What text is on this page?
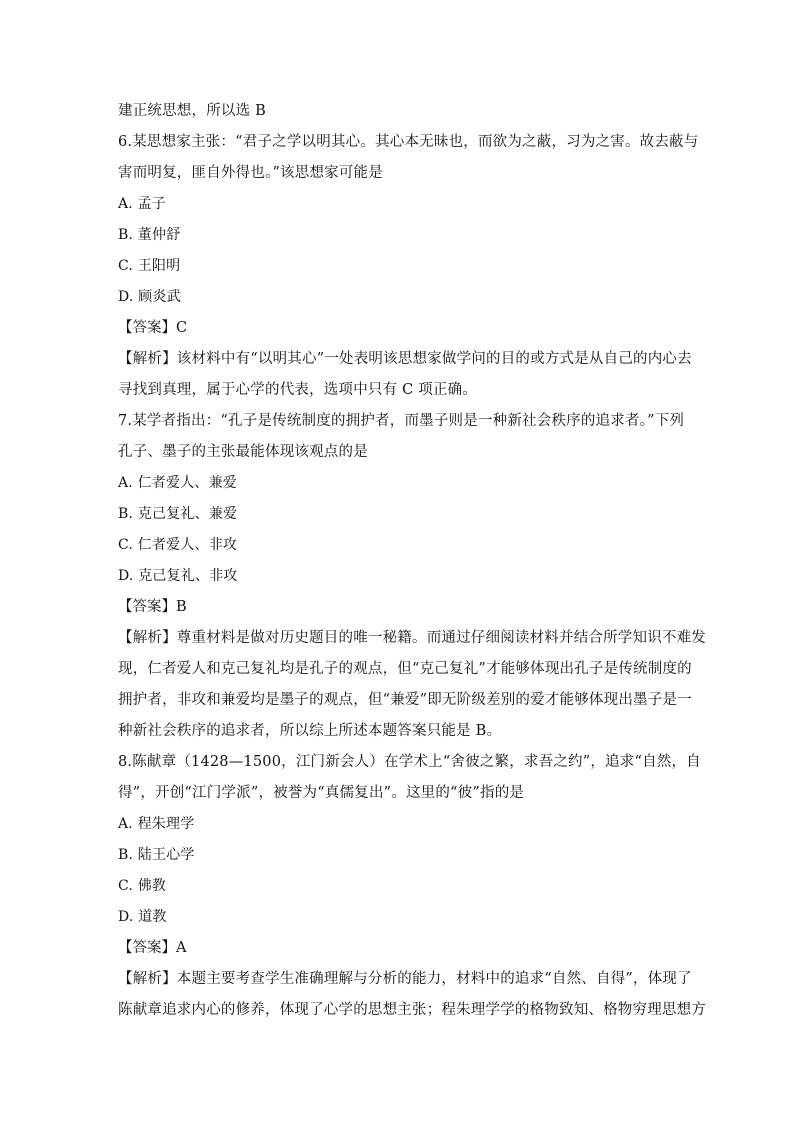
建正统思想，所以选 B
6.某思想家主张：“君子之学以明其心。其心本无昧也，而欲为之蔽，习为之害。故去蔽与
害而明复，匪自外得也。”该思想家可能是
A. 孟子
B. 董仲舒
C. 王阳明
D. 顾炎武
【答案】C
【解析】该材料中有“以明其心”一处表明该思想家做学问的目的或方式是从自己的内心去
寻找到真理，属于心学的代表，选项中只有 C 项正确。
7.某学者指出：“孔子是传统制度的拥护者，而墨子则是一种新社会秩序的追求者。”下列
孔子、墨子的主张最能体现该观点的是
A. 仁者爱人、兼爱
B. 克己复礼、兼爱
C. 仁者爱人、非攻
D. 克己复礼、非攻
【答案】B
【解析】尊重材料是做对历史题目的唯一秘籍。而通过仔细阅读材料并结合所学知识不难发
现，仁者爱人和克己复礼均是孔子的观点，但“克己复礼”才能够体现出孔子是传统制度的
拥护者，非攻和兼爱均是墨子的观点，但“兼爱”即无阶级差别的爱才能够体现出墨子是一
种新社会秩序的追求者，所以综上所述本题答案只能是 B。
8.陈献章（1428—1500，江门新会人）在学术上“舍彼之繁，求吾之约”，追求“自然，自
得”，开创“江门学派”，被誉为“真儒复出”。这里的“彼”指的是
A. 程朱理学
B. 陆王心学
C. 佛教
D. 道教
【答案】A
【解析】本题主要考查学生准确理解与分析的能力，材料中的追求“自然、自得”，体现了
陈献章追求内心的修养，体现了心学的思想主张；程朱理学学的格物致知、格物穷理思想方
